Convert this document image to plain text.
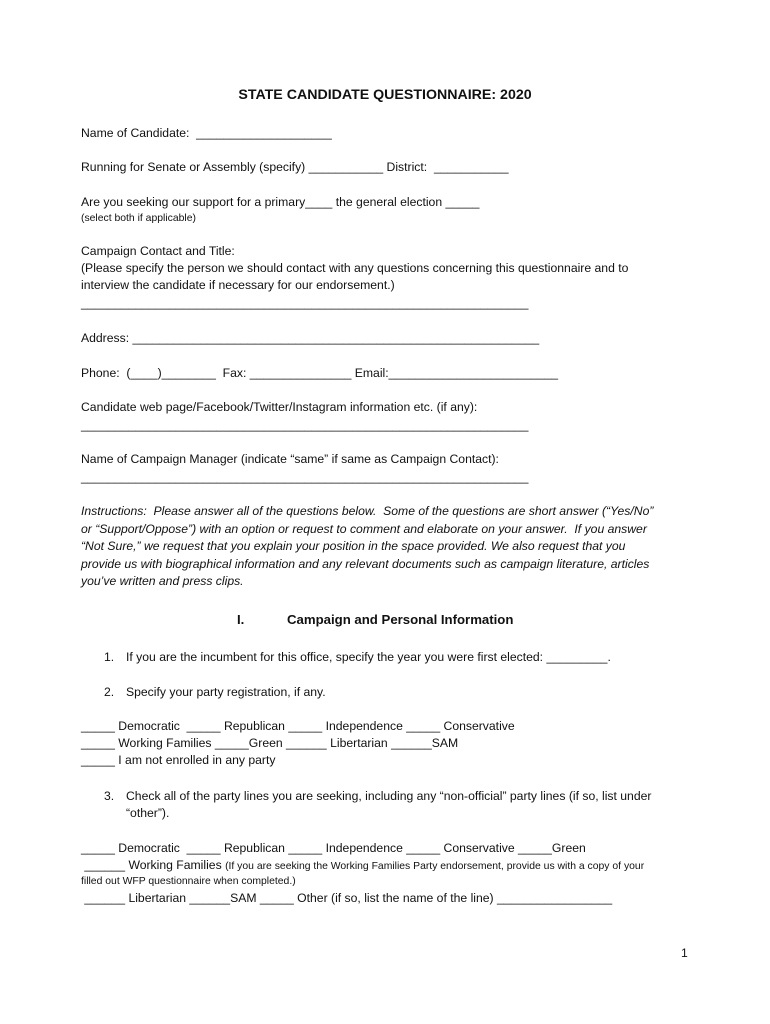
STATE CANDIDATE QUESTIONNAIRE: 2020
Name of Candidate:  ____________________
Running for Senate or Assembly (specify) ___________ District:  ___________
Are you seeking our support for a primary____ the general election _____
(select both if applicable)
Campaign Contact and Title:
(Please specify the person we should contact with any questions concerning this questionnaire and to
interview the candidate if necessary for our endorsement.)
__________________________________________________________________
Address: ____________________________________________________________
Phone:  (____)________  Fax: _______________ Email:_________________________
Candidate web page/Facebook/Twitter/Instagram information etc. (if any):
__________________________________________________________________
Name of Campaign Manager (indicate “same” if same as Campaign Contact):
__________________________________________________________________
Instructions:  Please answer all of the questions below.  Some of the questions are short answer (“Yes/No”
or “Support/Oppose”) with an option or request to comment and elaborate on your answer.  If you answer
“Not Sure,” we request that you explain your position in the space provided. We also request that you
provide us with biographical information and any relevant documents such as campaign literature, articles
you’ve written and press clips.
I.	Campaign and Personal Information
1. If you are the incumbent for this office, specify the year you were first elected: _________.
2. Specify your party registration, if any.
_____ Democratic  _____ Republican _____ Independence _____ Conservative
_____ Working Families _____Green ______ Libertarian ______SAM
_____ I am not enrolled in any party
3. Check all of the party lines you are seeking, including any “non-official” party lines (if so, list under
“other”).
_____ Democratic  _____ Republican _____ Independence _____ Conservative _____Green
______ Working Families (If you are seeking the Working Families Party endorsement, provide us with a copy of your
filled out WFP questionnaire when completed.)
______ Libertarian ______SAM _____ Other (if so, list the name of the line) _________________
1
